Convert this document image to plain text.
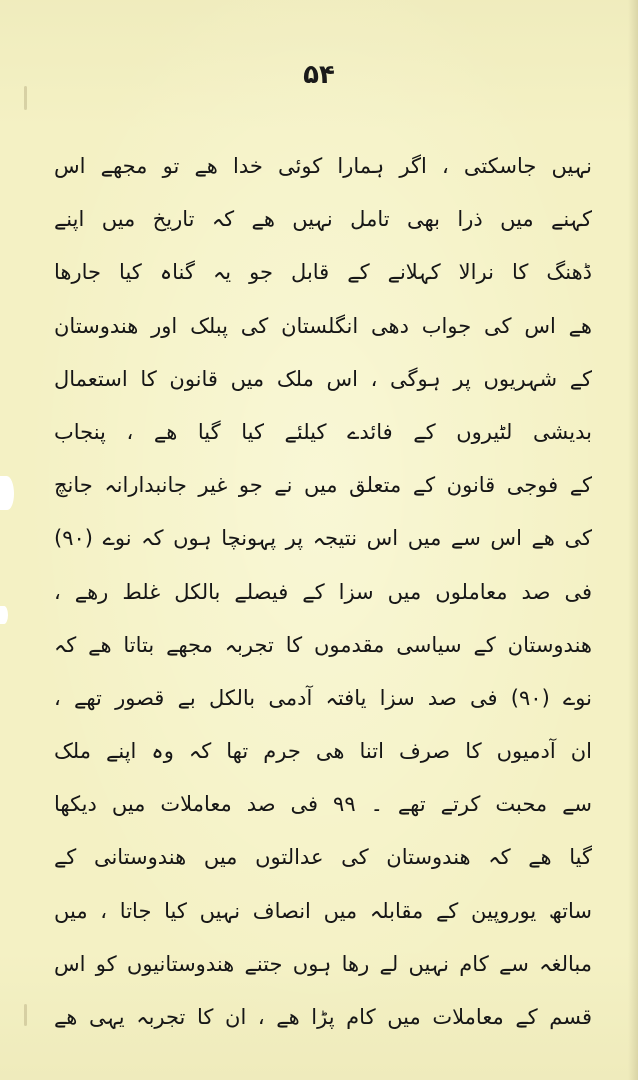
۵۴
نہیں جاسکتی ، اگر ہمارا کوئی خدا ھے تو مجھے اس
کہنے میں ذرا بھی تامل نہیں ھے کہ تاریخ میں اپنے
ڈھنگ کا نرالا کہلانے کے قابل جو یہ گناہ کیا جارھا
ھے اس کی جواب دھی انگلستان کی پبلک اور ھندوستان
کے شہریوں پر ہوگی ، اس ملک میں قانون کا استعمال
بدیشی لٹیروں کے فائدے کیلئے کیا گیا ھے ، پنجاب
کے فوجی قانون کے متعلق میں نے جو غیر جانبدارانہ جانچ
کی ھے اس سے میں اس نتیجہ پر پہونچا ہوں کہ نوے (۹۰)
فی صد معاملوں میں سزا کے فیصلے بالکل غلط رھے ،
ھندوستان کے سیاسی مقدموں کا تجربہ مجھے بتاتا ھے کہ
نوے (۹۰) فی صد سزا یافتہ آدمی بالکل بے قصور تھے ،
ان آدمیوں کا صرف اتنا ھی جرم تھا کہ وہ اپنے ملک
سے محبت کرتے تھے ۔ ۹۹ فی صد معاملات میں دیکھا
گیا ھے کہ ھندوستان کی عدالتوں میں ھندوستانی کے
ساتھ یوروپین کے مقابلہ میں انصاف نہیں کیا جاتا ، میں
مبالغہ سے کام نہیں لے رھا ہوں جتنے ھندوستانیوں کو اس
قسم کے معاملات میں کام پڑا ھے ، ان کا تجربہ یہی ھے
